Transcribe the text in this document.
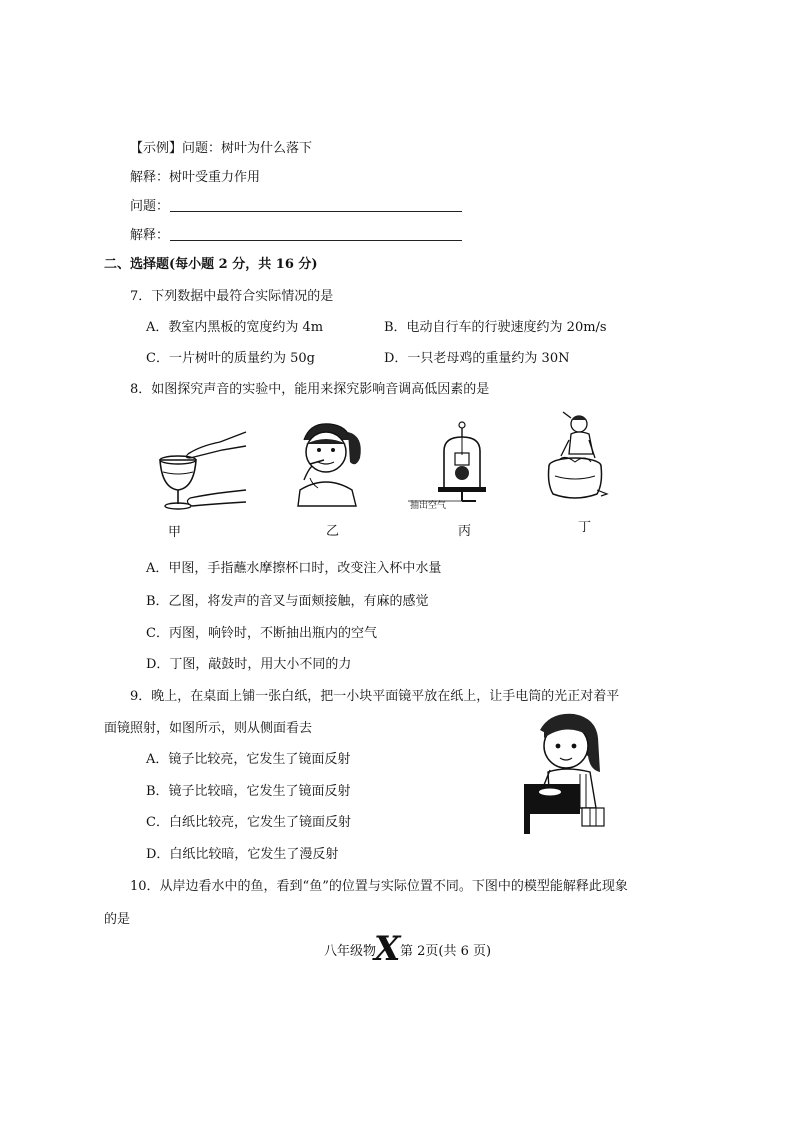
【示例】问题：树叶为什么落下
解释：树叶受重力作用
问题：
解释：
二、选择题(每小题 2 分，共 16 分)
7．下列数据中最符合实际情况的是
A．教室内黑板的宽度约为 4m	B．电动自行车的行驶速度约为 20m/s
C．一片树叶的质量约为 50g	D．一只老母鸡的重量约为 30N
8．如图探究声音的实验中，能用来探究影响音调高低因素的是
甲	乙
抽出空气
丙	丁
A．甲图，手指蘸水摩擦杯口时，改变注入杯中水量
B．乙图，将发声的音叉与面颊接触，有麻的感觉
C．丙图，响铃时，不断抽出瓶内的空气
D．丁图，敲鼓时，用大小不同的力
9．晚上，在桌面上铺一张白纸，把一小块平面镜平放在纸上，让手电筒的光正对着平
面镜照射，如图所示，则从侧面看去
A．镜子比较亮，它发生了镜面反射
B．镜子比较暗，它发生了镜面反射
C．白纸比较亮，它发生了镜面反射
D．白纸比较暗，它发生了漫反射
10．从岸边看水中的鱼，看到“鱼”的位置与实际位置不同。下图中的模型能解释此现象
的是
八年级物
X 第 2页(共 6 页)
